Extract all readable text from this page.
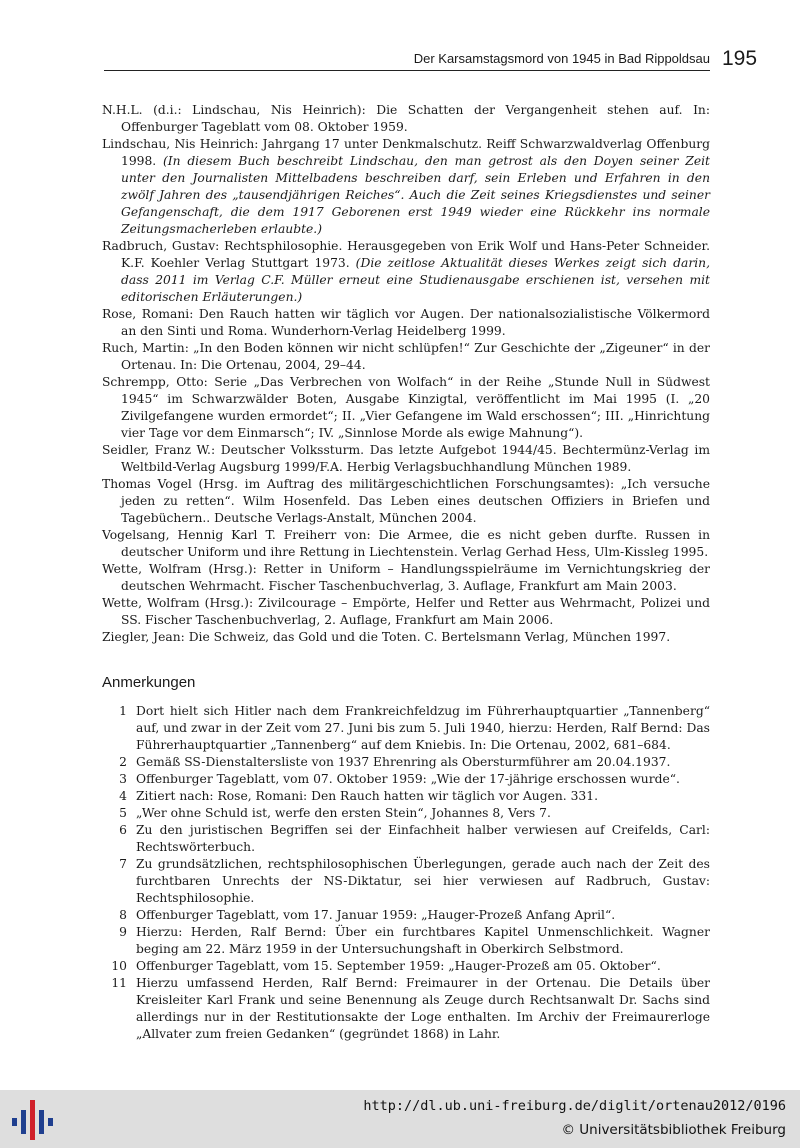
Der Karsamstagsmord von 1945 in Bad Rippoldsau 195

N.H.L. (d.i.: Lindschau, Nis Heinrich): Die Schatten der Vergangenheit stehen auf. In: Offenburger Tageblatt vom 08. Oktober 1959.

Lindschau, Nis Heinrich: Jahrgang 17 unter Denkmalschutz. Reiff Schwarzwaldverlag Offenburg 1998. (In diesem Buch beschreibt Lindschau, den man getrost als den Doyen seiner Zeit unter den Journalisten Mittelbadens beschreiben darf, sein Erleben und Erfahren in den zwölf Jahren des „tausendjährigen Reiches“. Auch die Zeit seines Kriegsdienstes und seiner Gefangenschaft, die dem 1917 Geborenen erst 1949 wieder eine Rückkehr ins normale Zeitungsmacherleben erlaubte.)

Radbruch, Gustav: Rechtsphilosophie. Herausgegeben von Erik Wolf und Hans-Peter Schneider. K.F. Koehler Verlag Stuttgart 1973. (Die zeitlose Aktualität dieses Werkes zeigt sich darin, dass 2011 im Verlag C.F. Müller erneut eine Studienausgabe erschienen ist, versehen mit editorischen Erläuterungen.)

Rose, Romani: Den Rauch hatten wir täglich vor Augen. Der nationalsozialistische Völkermord an den Sinti und Roma. Wunderhorn-Verlag Heidelberg 1999.

Ruch, Martin: „In den Boden können wir nicht schlüpfen!“ Zur Geschichte der „Zigeuner“ in der Ortenau. In: Die Ortenau, 2004, 29–44.

Schrempp, Otto: Serie „Das Verbrechen von Wolfach“ in der Reihe „Stunde Null in Südwest 1945“ im Schwarzwälder Boten, Ausgabe Kinzigtal, veröffentlicht im Mai 1995 (I. „20 Zivilgefangene wurden ermordet“; II. „Vier Gefangene im Wald erschossen“; III. „Hinrichtung vier Tage vor dem Einmarsch“; IV. „Sinnlose Morde als ewige Mahnung“).

Seidler, Franz W.: Deutscher Volkssturm. Das letzte Aufgebot 1944/45. Bechtermünz-Verlag im Weltbild-Verlag Augsburg 1999/F.A. Herbig Verlagsbuchhandlung München 1989.

Thomas Vogel (Hrsg. im Auftrag des militärgeschichtlichen Forschungsamtes): „Ich versuche jeden zu retten“. Wilm Hosenfeld. Das Leben eines deutschen Offiziers in Briefen und Tagebüchern.. Deutsche Verlags-Anstalt, München 2004.

Vogelsang, Hennig Karl T. Freiherr von: Die Armee, die es nicht geben durfte. Russen in deutscher Uniform und ihre Rettung in Liechtenstein. Verlag Gerhad Hess, Ulm-Kissleg 1995.

Wette, Wolfram (Hrsg.): Retter in Uniform – Handlungsspielräume im Vernichtungskrieg der deutschen Wehrmacht. Fischer Taschenbuchverlag, 3. Auflage, Frankfurt am Main 2003.

Wette, Wolfram (Hrsg.): Zivilcourage – Empörte, Helfer und Retter aus Wehrmacht, Polizei und SS. Fischer Taschenbuchverlag, 2. Auflage, Frankfurt am Main 2006.

Ziegler, Jean: Die Schweiz, das Gold und die Toten. C. Bertelsmann Verlag, München 1997.

Anmerkungen
1 Dort hielt sich Hitler nach dem Frankreichfeldzug im Führerhauptquartier „Tannenberg“ auf, und zwar in der Zeit vom 27. Juni bis zum 5. Juli 1940, hierzu: Herden, Ralf Bernd: Das Führerhauptquartier „Tannenberg“ auf dem Kniebis. In: Die Ortenau, 2002, 681–684.
2 Gemäß SS-Dienstaltersliste von 1937 Ehrenring als Obersturmführer am 20.04.1937.
3 Offenburger Tageblatt, vom 07. Oktober 1959: „Wie der 17-jährige erschossen wurde“.
4 Zitiert nach: Rose, Romani: Den Rauch hatten wir täglich vor Augen. 331.
5 „Wer ohne Schuld ist, werfe den ersten Stein“, Johannes 8, Vers 7.
6 Zu den juristischen Begriffen sei der Einfachheit halber verwiesen auf Creifelds, Carl: Rechtswörterbuch.
7 Zu grundsätzlichen, rechtsphilosophischen Überlegungen, gerade auch nach der Zeit des furchtbaren Unrechts der NS-Diktatur, sei hier verwiesen auf Radbruch, Gustav: Rechtsphilosophie.
8 Offenburger Tageblatt, vom 17. Januar 1959: „Hauger-Prozeß Anfang April“.
9 Hierzu: Herden, Ralf Bernd: Über ein furchtbares Kapitel Unmenschlichkeit. Wagner beging am 22. März 1959 in der Untersuchungshaft in Oberkirch Selbstmord.
10 Offenburger Tageblatt, vom 15. September 1959: „Hauger-Prozeß am 05. Oktober“.
11 Hierzu umfassend Herden, Ralf Bernd: Freimaurer in der Ortenau. Die Details über Kreisleiter Karl Frank und seine Benennung als Zeuge durch Rechtsanwalt Dr. Sachs sind allerdings nur in der Restitutionsakte der Loge enthalten. Im Archiv der Freimaurerloge „Allvater zum freien Gedanken“ (gegründet 1868) in Lahr.
http://dl.ub.uni-freiburg.de/diglit/ortenau2012/0196
© Universitätsbibliothek Freiburg
